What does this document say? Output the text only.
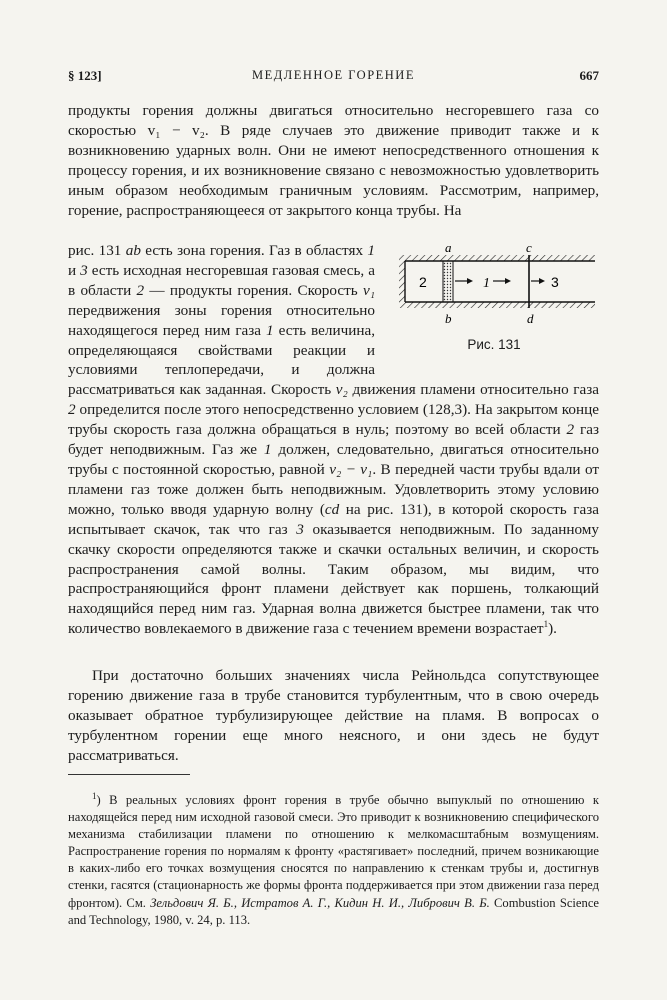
§ 123]	МЕДЛЕННОЕ ГОРЕНИЕ	667

продукты горения должны двигаться относительно несгоревшего газа со скоростью v₁ − v₂. В ряде случаев это движение приводит также и к возникновению ударных волн. Они не имеют непосредственного отношения к процессу горения, и их возникновение связано с невозможностью удовлетворить иным образом необходимым граничным условиям. Рассмотрим, например, горение, распространяющееся от закрытого конца трубы. На

a
b
c
d
2	1	3
Рис. 131

рис. 131 ab есть зона горения. Газ в областях 1 и 3 есть исходная несгоревшая газовая смесь, а в области 2 — продукты горения. Скорость v₁ передвижения зоны горения относительно находящегося перед ним газа 1 есть величина, определяющаяся свойствами реакции и условиями теплопередачи, и должна рассматриваться как заданная. Скорость v₂ движения пламени относительно газа 2 определится после этого непосредственно условием (128,3). На закрытом конце трубы скорость газа должна обращаться в нуль; поэтому во всей области 2 газ будет неподвижным. Газ же 1 должен, следовательно, двигаться относительно трубы с постоянной скоростью, равной v₂ − v₁. В передней части трубы вдали от пламени газ тоже должен быть неподвижным. Удовлетворить этому условию можно, только вводя ударную волну (cd на рис. 131), в которой скорость газа испытывает скачок, так что газ 3 оказывается неподвижным. По заданному скачку скорости определяются также и скачки остальных величин, и скорость распространения самой волны. Таким образом, мы видим, что распространяющийся фронт пламени действует как поршень, толкающий находящийся перед ним газ. Ударная волна движется быстрее пламени, так что количество вовлекаемого в движение газа с течением времени возрастает$^1$).

При достаточно больших значениях числа Рейнольдса сопутствующее горению движение газа в трубе становится турбулентным, что в свою очередь оказывает обратное турбулизирующее действие на пламя. В вопросах о турбулентном горении еще много неясного, и они здесь не будут рассматриваться.

$^1$) В реальных условиях фронт горения в трубе обычно выпуклый по отношению к находящейся перед ним исходной газовой смеси. Это приводит к возникновению специфического механизма стабилизации пламени по отношению к мелкомасштабным возмущениям. Распространение горения по нормалям к фронту «растягивает» последний, причем возникающие в каких-либо его точках возмущения сносятся по направлению к стенкам трубы и, достигнув стенки, гасятся (стационарность же формы фронта поддерживается при этом движении газа перед фронтом). См. Зельдович Я. Б., Истратов А. Г., Кидин Н. И., Либрович В. Б. Combustion Science and Technology, 1980, v. 24, p. 113.
